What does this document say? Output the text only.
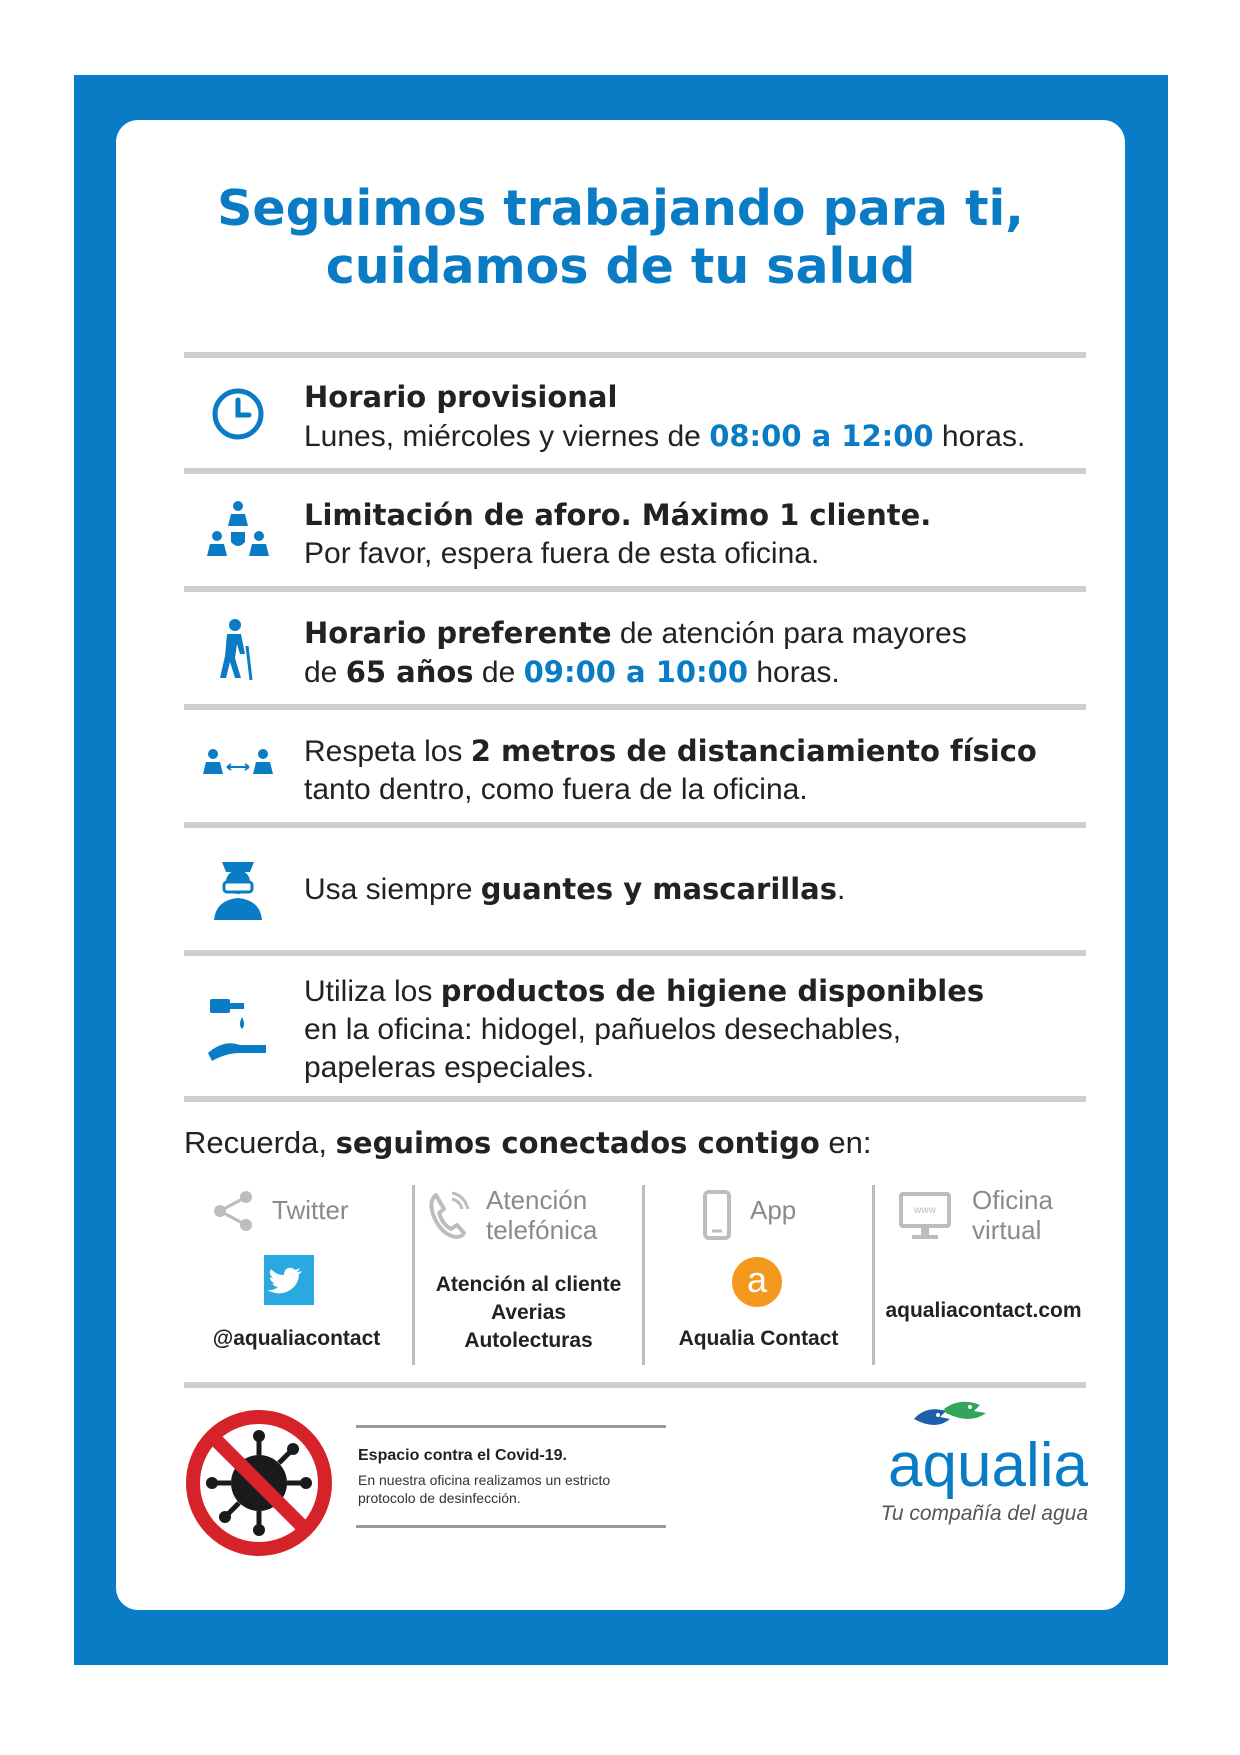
Seguimos trabajando para ti,
cuidamos de tu salud
Horario provisional
Lunes, miércoles y viernes de 08:00 a 12:00 horas.
Limitación de aforo. Máximo 1 cliente.
Por favor, espera fuera de esta oficina.
Horario preferente de atención para mayores
de 65 años de 09:00 a 10:00 horas.
Respeta los 2 metros de distanciamiento físico
tanto dentro, como fuera de la oficina.
Usa siempre guantes y mascarillas.
Utiliza los productos de higiene disponibles
en la oficina: hidogel, pañuelos desechables,
papeleras especiales.
Recuerda, seguimos conectados contigo en:
Twitter
@aqualiacontact
Atención
telefónica
Atención al cliente
Averias
Autolecturas
App
a
Aqualia Contact
www Oficina
virtual
aqualiacontact.com
Espacio contra el Covid-19.
En nuestra oficina realizamos un estricto protocolo de desinfección.	aqualia
Tu compañía del agua
